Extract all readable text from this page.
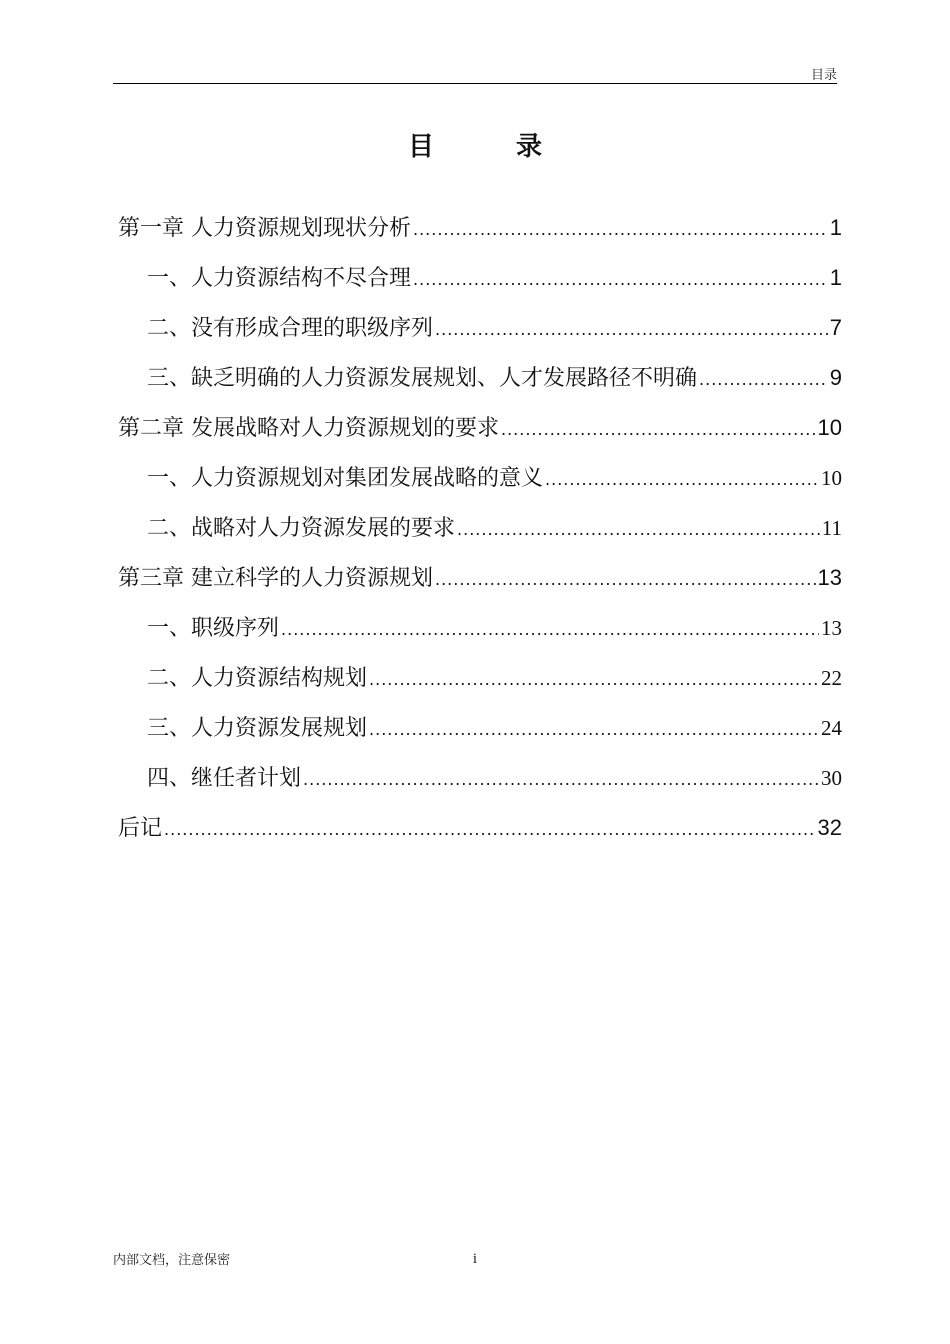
目录
目　录
第一章 人力资源规划现状分析 .....	1
一、人力资源结构不尽合理 .....	1
二、没有形成合理的职级序列 .....	7
三、缺乏明确的人力资源发展规划、人才发展路径不明确 .....	9
第二章 发展战略对人力资源规划的要求 .....	10
一、人力资源规划对集团发展战略的意义 .....	10
二、战略对人力资源发展的要求 .....	11
第三章 建立科学的人力资源规划 .....	13
一、职级序列 .....	13
二、人力资源结构规划 .....	22
三、人力资源发展规划 .....	24
四、继任者计划 .....	30
后记 .....	32
内部文档，注意保密	i
